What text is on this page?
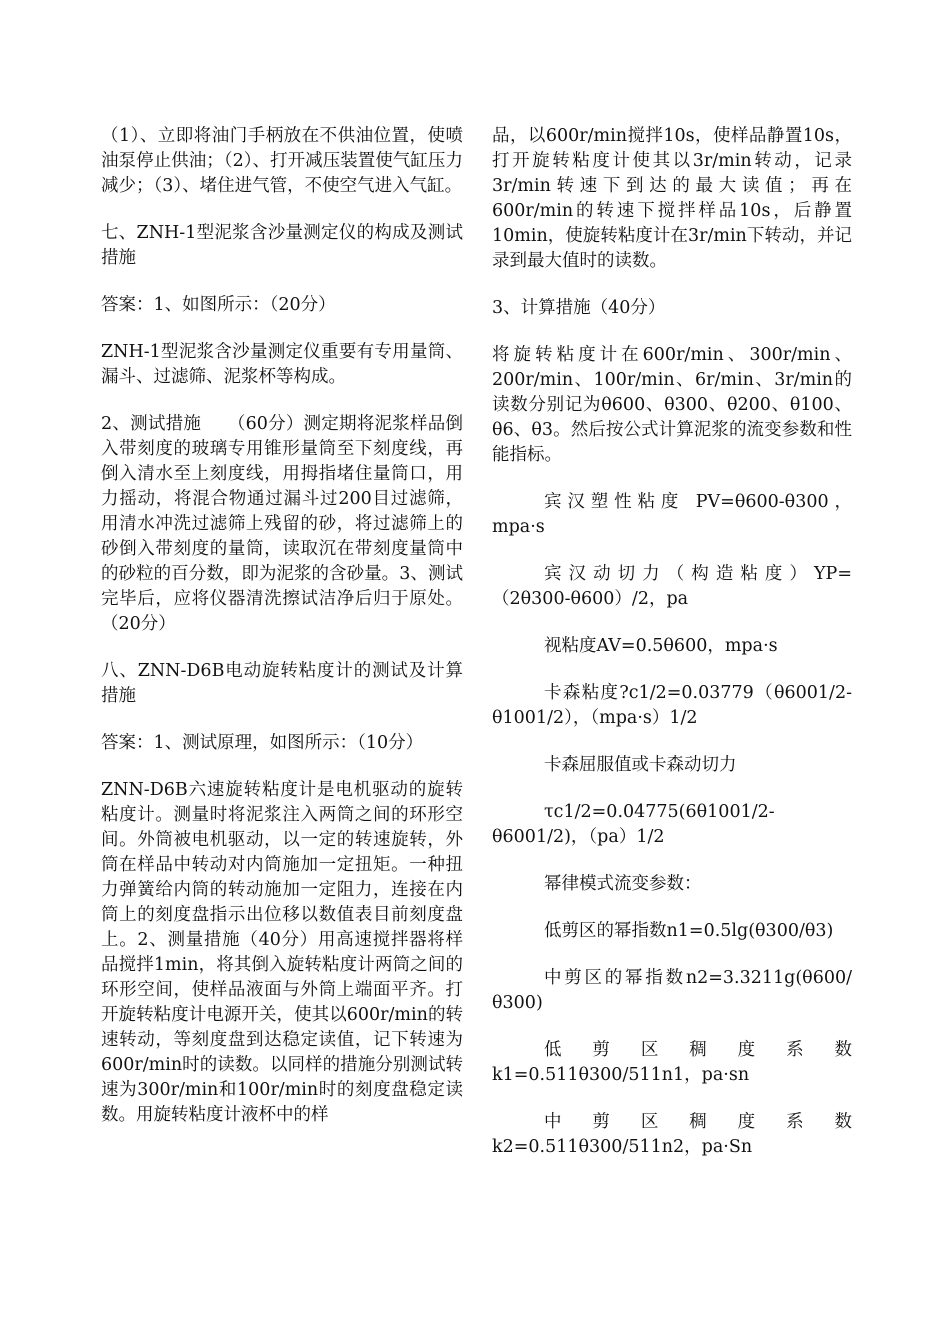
（1）、立即将油门手柄放在不供油位置，使喷油泵停止供油；（2）、打开减压装置使气缸压力减少；（3）、堵住进气管，不使空气进入气缸。

七、ZNH-1型泥浆含沙量测定仪的构成及测试措施

答案：1、如图所示：（20分）

ZNH-1型泥浆含沙量测定仪重要有专用量筒、漏斗、过滤筛、泥浆杯等构成。

2、测试措施　　（60分）测定期将泥浆样品倒入带刻度的玻璃专用锥形量筒至下刻度线，再倒入清水至上刻度线，用拇指堵住量筒口，用力摇动，将混合物通过漏斗过200目过滤筛，用清水冲洗过滤筛上残留的砂，将过滤筛上的砂倒入带刻度的量筒，读取沉在带刻度量筒中的砂粒的百分数，即为泥浆的含砂量。3、测试完毕后，应将仪器清洗擦试洁净后归于原处。（20分）

八、ZNN-D6B电动旋转粘度计的测试及计算措施

答案：1、测试原理，如图所示：（10分）

ZNN-D6B六速旋转粘度计是电机驱动的旋转粘度计。测量时将泥浆注入两筒之间的环形空间。外筒被电机驱动，以一定的转速旋转，外筒在样品中转动对内筒施加一定扭矩。一种扭力弹簧给内筒的转动施加一定阻力，连接在内筒上的刻度盘指示出位移以数值表目前刻度盘上。2、测量措施（40分）用高速搅拌器将样品搅拌1min，将其倒入旋转粘度计两筒之间的环形空间，使样品液面与外筒上端面平齐。打开旋转粘度计电源开关，使其以600r/min的转速转动，等刻度盘到达稳定读值，记下转速为600r/min时的读数。以同样的措施分别测试转速为300r/min和100r/min时的刻度盘稳定读数。用旋转粘度计液杯中的样

品，以600r/min搅拌10s，使样品静置10s，打开旋转粘度计使其以3r/min转动，记录3r/min转速下到达的最大读值；再在600r/min的转速下搅拌样品10s，后静置10min，使旋转粘度计在3r/min下转动，并记录到最大值时的读数。

3、计算措施（40分）

将旋转粘度计在600r/min、300r/min、200r/min、100r/min、6r/min、3r/min的读数分别记为θ600、θ300、θ200、θ100、θ6、θ3。然后按公式计算泥浆的流变参数和性能指标。

宾汉塑性粘度 PV=θ600-θ300，mpa·s

宾汉动切力（构造粘度）YP=（2θ300-θ600）/2，pa

视粘度AV=0.5θ600，mpa·s

卡森粘度?c1/2=0.03779（θ6001/2-θ1001/2），（mpa·s）1/2

卡森屈服值或卡森动切力

τc1/2=0.04775(6θ1001/2-θ6001/2)，（pa）1/2

幂律模式流变参数：

低剪区的幂指数n1=0.5lg(θ300/θ3)

中剪区的幂指数n2=3.3211g(θ600/θ300)

低剪区稠度系数k1=0.511θ300/511n1，pa·sn

中剪区稠度系数k2=0.511θ300/511n2，pa·Sn
